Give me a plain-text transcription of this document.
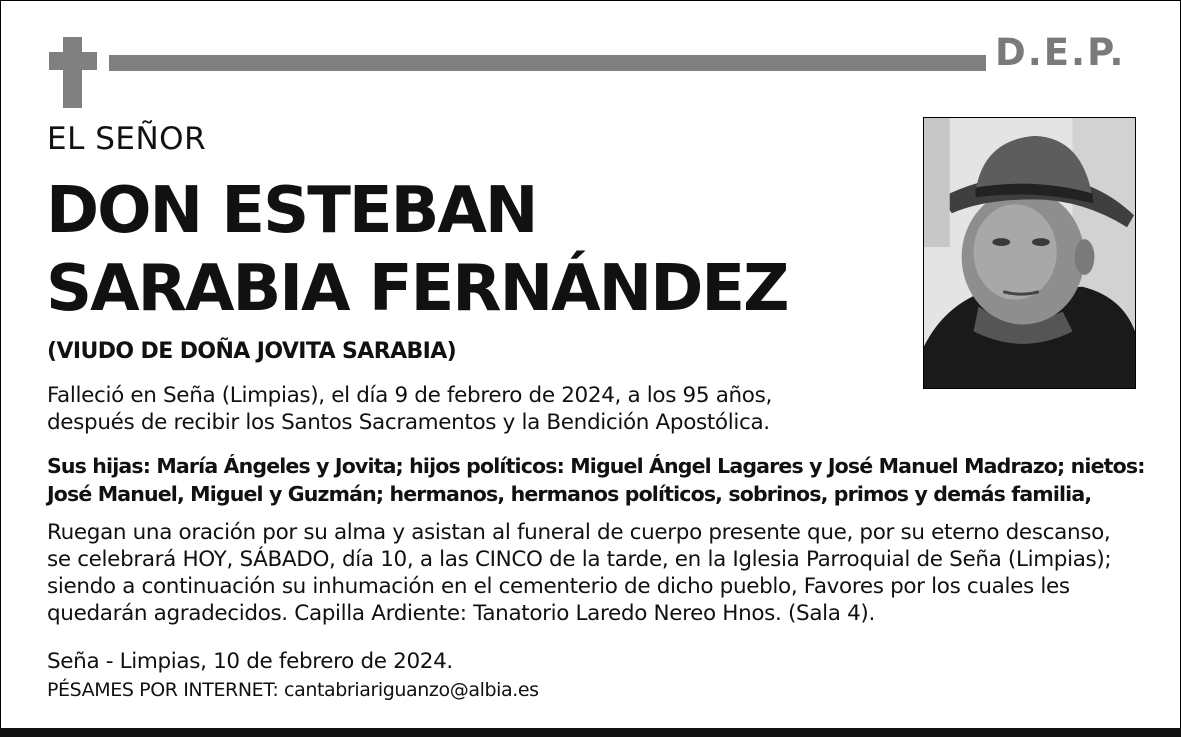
D.E.P.
EL SEÑOR
DON ESTEBAN
SARABIA FERNÁNDEZ
(VIUDO DE DOÑA JOVITA SARABIA)
Falleció en Seña (Limpias), el día 9 de febrero de 2024, a los 95 años,
después de recibir los Santos Sacramentos y la Bendición Apostólica.
Sus hijas: María Ángeles y Jovita; hijos políticos: Miguel Ángel Lagares y José Manuel Madrazo; nietos:
José Manuel, Miguel y Guzmán; hermanos, hermanos políticos, sobrinos, primos y demás familia,
Ruegan una oración por su alma y asistan al funeral de cuerpo presente que, por su eterno descanso,
se celebrará HOY, SÁBADO, día 10, a las CINCO de la tarde, en la Iglesia Parroquial de Seña (Limpias);
siendo a continuación su inhumación en el cementerio de dicho pueblo, Favores por los cuales les
quedarán agradecidos. Capilla Ardiente: Tanatorio Laredo Nereo Hnos. (Sala 4).
Seña - Limpias, 10 de febrero de 2024.
PÉSAMES POR INTERNET: cantabriariguanzo@albia.es
